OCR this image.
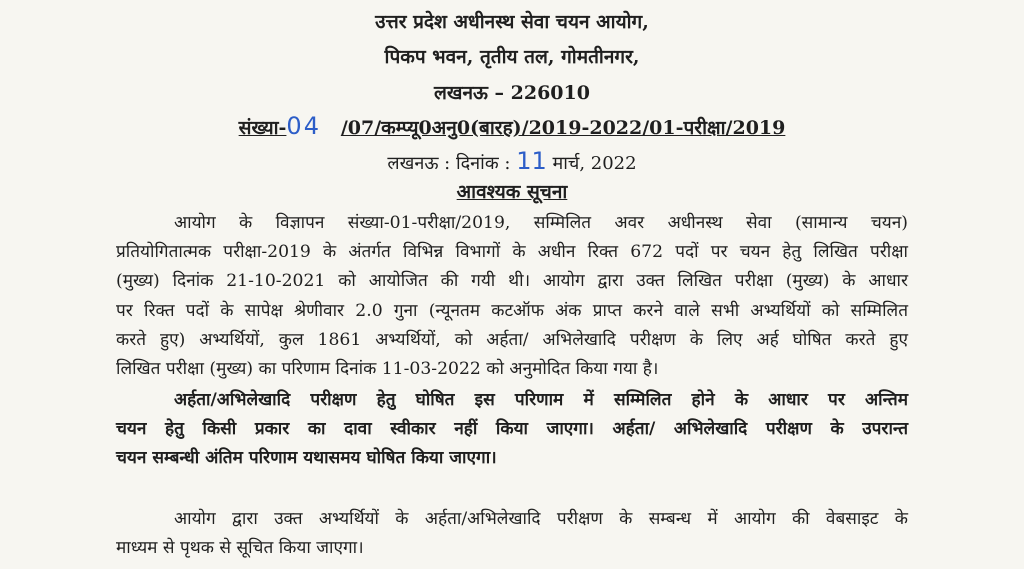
उत्तर प्रदेश अधीनस्थ सेवा चयन आयोग,
पिकप भवन, तृतीय तल, गोमतीनगर,
लखनऊ – 226010
संख्या-04 /07/कम्प्यू0अनु0(बारह)/2019-2022/01-परीक्षा/2019
लखनऊ : दिनांक : 11 मार्च, 2022
आवश्यक सूचना
आयोग के विज्ञापन संख्या-01-परीक्षा/2019, सम्मिलित अवर अधीनस्थ सेवा (सामान्य चयन)
प्रतियोगितात्मक परीक्षा-2019 के अंतर्गत विभिन्न विभागों के अधीन रिक्त 672 पदों पर चयन हेतु लिखित परीक्षा
(मुख्य) दिनांक 21-10-2021 को आयोजित की गयी थी। आयोग द्वारा उक्त लिखित परीक्षा (मुख्य) के आधार
पर रिक्त पदों के सापेक्ष श्रेणीवार 2.0 गुना (न्यूनतम कटऑफ अंक प्राप्त करने वाले सभी अभ्यर्थियों को सम्मिलित
करते हुए) अभ्यर्थियों, कुल 1861 अभ्यर्थियों, को अर्हता/ अभिलेखादि परीक्षण के लिए अर्ह घोषित करते हुए
लिखित परीक्षा (मुख्य) का परिणाम दिनांक 11-03-2022 को अनुमोदित किया गया है।
अर्हता/अभिलेखादि परीक्षण हेतु घोषित इस परिणाम में सम्मिलित होने के आधार पर अन्तिम
चयन हेतु किसी प्रकार का दावा स्वीकार नहीं किया जाएगा। अर्हता/ अभिलेखादि परीक्षण के उपरान्त
चयन सम्बन्धी अंतिम परिणाम यथासमय घोषित किया जाएगा।
आयोग द्वारा उक्त अभ्यर्थियों के अर्हता/अभिलेखादि परीक्षण के सम्बन्ध में आयोग की वेबसाइट के
माध्यम से पृथक से सूचित किया जाएगा।
